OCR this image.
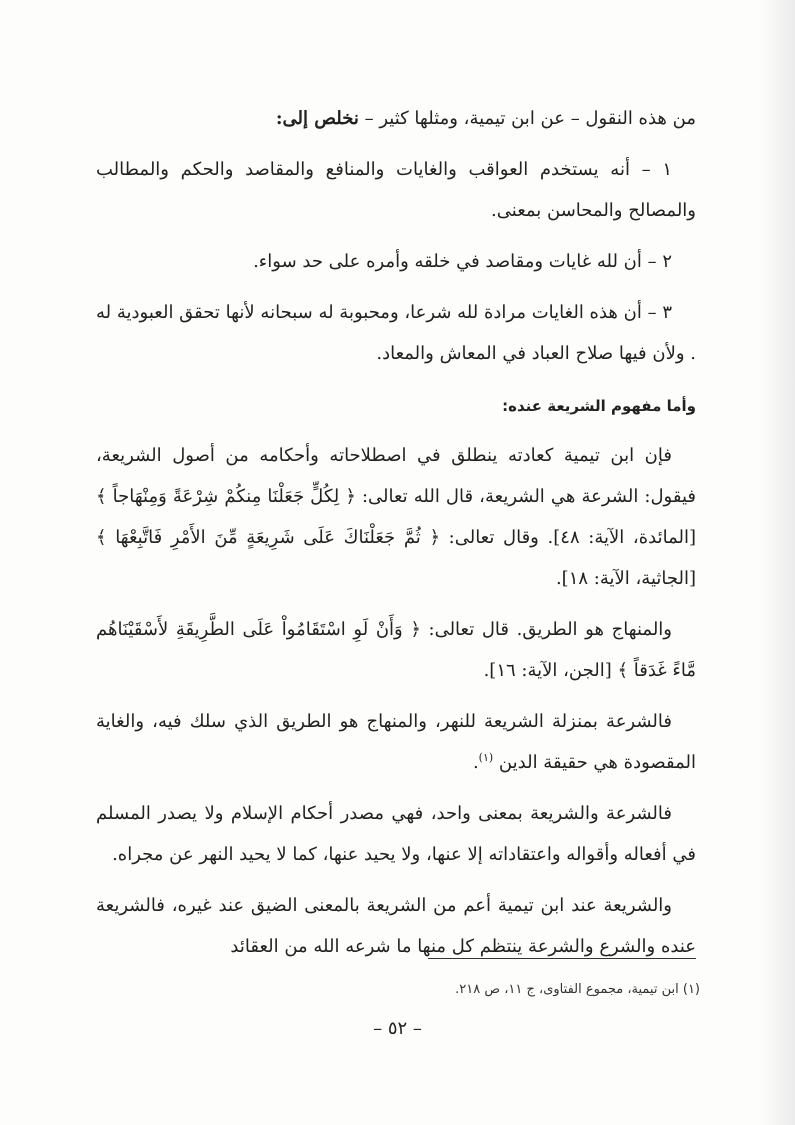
من هذه النقول – عن ابن تيمية، ومثلها كثير – نخلص إلى:

١ – أنه يستخدم العواقب والغايات والمنافع والمقاصد والحكم والمطالب والمصالح والمحاسن بمعنى.

٢ – أن لله غايات ومقاصد في خلقه وأمره على حد سواء.

٣ – أن هذه الغايات مرادة لله شرعا، ومحبوبة له سبحانه لأنها تحقق العبودية له . ولأن فيها صلاح العباد في المعاش والمعاد.

وأما مفهوم الشريعة عنده:

فإن ابن تيمية كعادته ينطلق في اصطلاحاته وأحكامه من أصول الشريعة، فيقول: الشرعة هي الشريعة، قال الله تعالى: ﴿ لِكُلٍّ جَعَلْنَا مِنكُمْ شِرْعَةً وَمِنْهَاجاً ﴾ [المائدة، الآية: ٤٨]. وقال تعالى: ﴿ ثُمَّ جَعَلْنَاكَ عَلَى شَرِيعَةٍ مِّنَ الأَمْرِ فَاتَّبِعْهَا ﴾ [الجاثية، الآية: ١٨].

والمنهاج هو الطريق. قال تعالى: ﴿ وَأَنْ لَوِ اسْتَقَامُواْ عَلَى الطَّرِيقَةِ لأَسْقَيْنَاهُم مَّاءً غَدَقاً ﴾ [الجن، الآية: ١٦].

فالشرعة بمنزلة الشريعة للنهر، والمنهاج هو الطريق الذي سلك فيه، والغاية المقصودة هي حقيقة الدين $^{(١)}$.

فالشرعة والشريعة بمعنى واحد، فهي مصدر أحكام الإسلام ولا يصدر المسلم في أفعاله وأقواله واعتقاداته إلا عنها، ولا يحيد عنها، كما لا يحيد النهر عن مجراه.

والشريعة عند ابن تيمية أعم من الشريعة بالمعنى الضيق عند غيره، فالشريعة عنده والشرع والشرعة ينتظم كل منها ما شرعه الله من العقائد

(١) ابن تيمية، مجموع الفتاوى، ج ١١، ص ٢١٨.
– ٥٢ –
